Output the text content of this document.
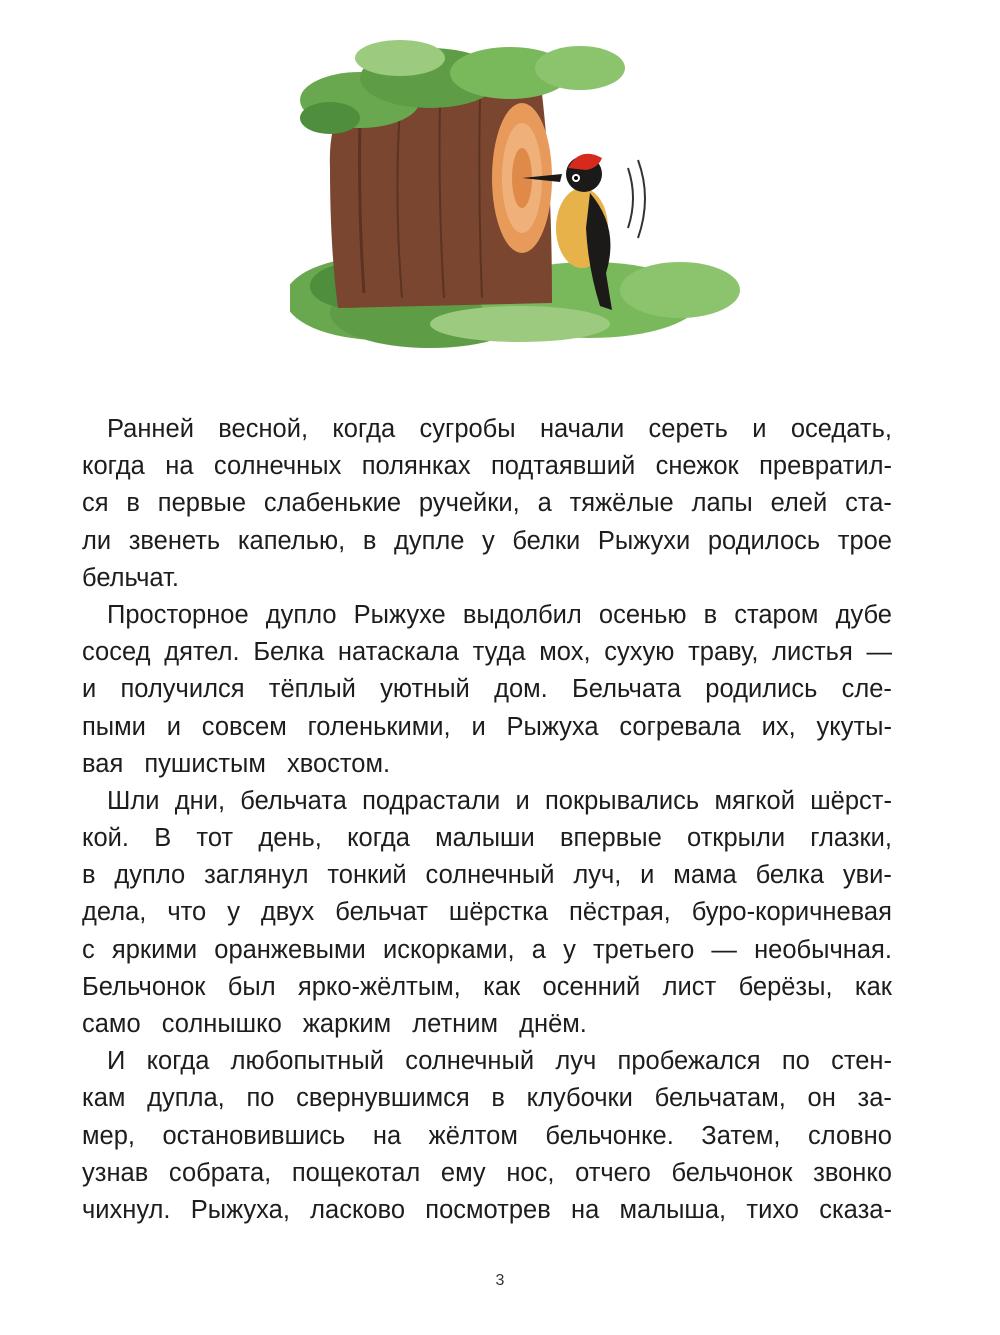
Ранней весной, когда сугробы начали сереть и оседать,
когда на солнечных полянках подтаявший снежок превратил-
ся в первые слабенькие ручейки, а тяжёлые лапы елей ста-
ли звенеть капелью, в дупле у белки Рыжухи родилось трое
бельчат.
Просторное дупло Рыжухе выдолбил осенью в старом дубе
сосед дятел. Белка натаскала туда мох, сухую траву, листья —
и получился тёплый уютный дом. Бельчата родились сле-
пыми и совсем голенькими, и Рыжуха согревала их, укуты-
вая пушистым хвостом.
Шли дни, бельчата подрастали и покрывались мягкой шёрст-
кой. В тот день, когда малыши впервые открыли глазки,
в дупло заглянул тонкий солнечный луч, и мама белка уви-
дела, что у двух бельчат шёрстка пёстрая, буро-коричневая
с яркими оранжевыми искорками, а у третьего — необычная.
Бельчонок был ярко-жёлтым, как осенний лист берёзы, как
само солнышко жарким летним днём.
И когда любопытный солнечный луч пробежался по стен-
кам дупла, по свернувшимся в клубочки бельчатам, он за-
мер, остановившись на жёлтом бельчонке. Затем, словно
узнав собрата, пощекотал ему нос, отчего бельчонок звонко
чихнул. Рыжуха, ласково посмотрев на малыша, тихо сказа-
3
